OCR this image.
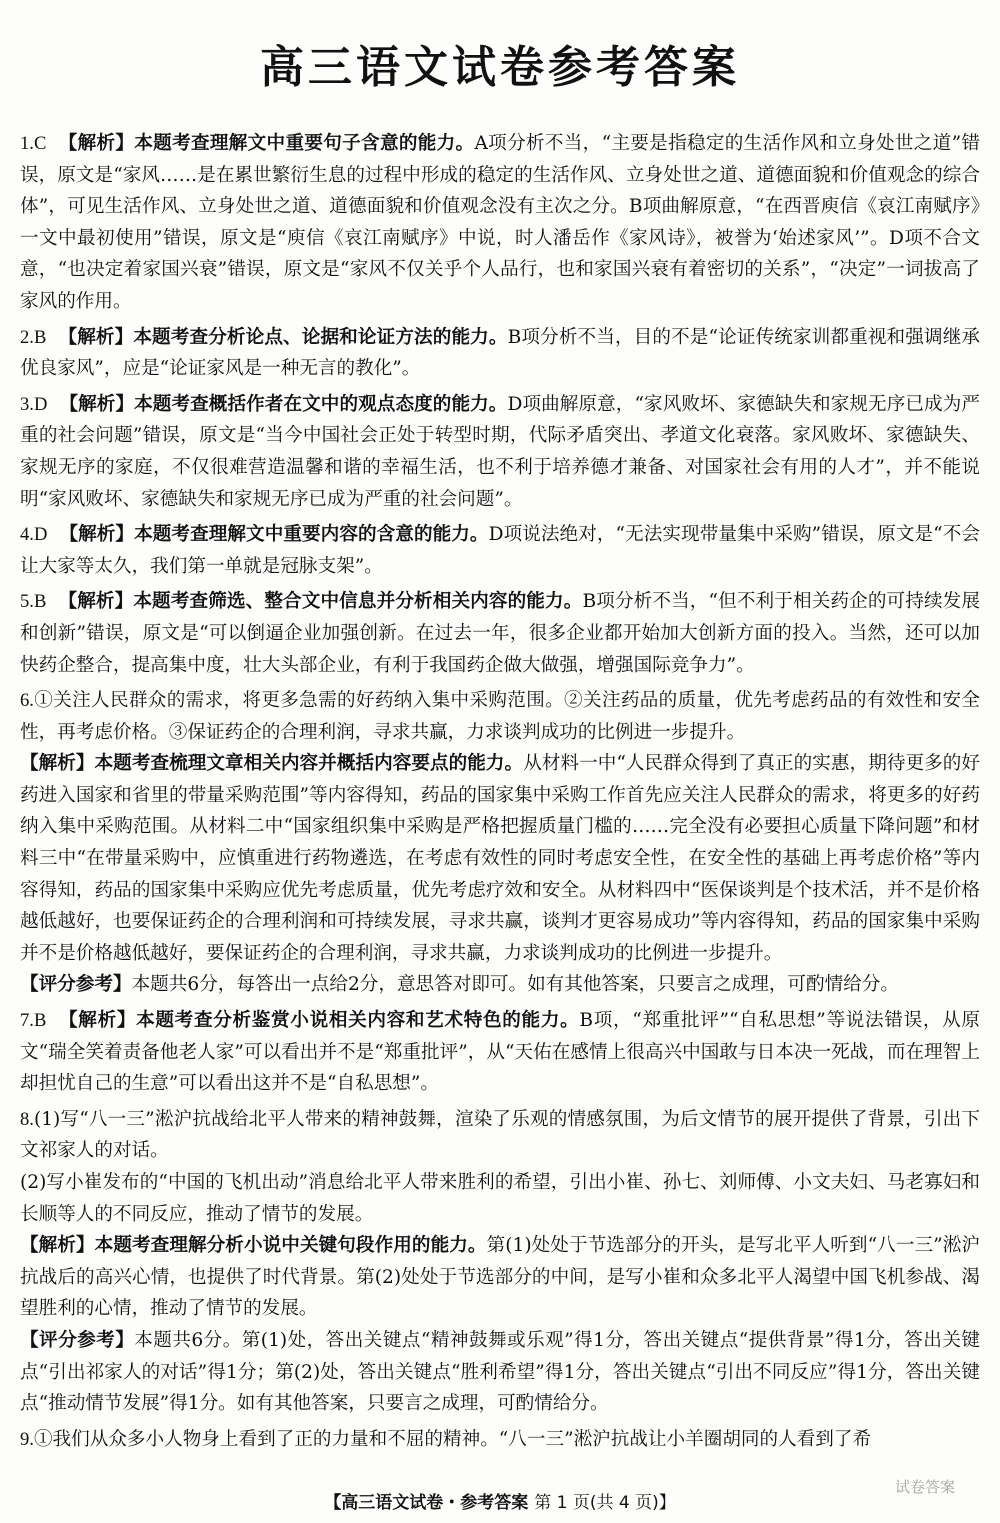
高三语文试卷参考答案
1.C 【解析】本题考查理解文中重要句子含意的能力。A项分析不当，“主要是指稳定的生活作风和立身处世之道”错误，原文是“家风……是在累世繁衍生息的过程中形成的稳定的生活作风、立身处世之道、道德面貌和价值观念的综合体”，可见生活作风、立身处世之道、道德面貌和价值观念没有主次之分。B项曲解原意，“在西晋庾信《哀江南赋序》一文中最初使用”错误，原文是“庾信《哀江南赋序》中说，时人潘岳作《家风诗》，被誉为‘始述家风’”。D项不合文意，“也决定着家国兴衰”错误，原文是“家风不仅关乎个人品行，也和家国兴衰有着密切的关系”，“决定”一词拔高了家风的作用。
2.B 【解析】本题考查分析论点、论据和论证方法的能力。B项分析不当，目的不是“论证传统家训都重视和强调继承优良家风”，应是“论证家风是一种无言的教化”。
3.D 【解析】本题考查概括作者在文中的观点态度的能力。D项曲解原意，“家风败坏、家德缺失和家规无序已成为严重的社会问题”错误，原文是“当今中国社会正处于转型时期，代际矛盾突出、孝道文化衰落。家风败坏、家德缺失、家规无序的家庭，不仅很难营造温馨和谐的幸福生活，也不利于培养德才兼备、对国家社会有用的人才”，并不能说明“家风败坏、家德缺失和家规无序已成为严重的社会问题”。
4.D 【解析】本题考查理解文中重要内容的含意的能力。D项说法绝对，“无法实现带量集中采购”错误，原文是“不会让大家等太久，我们第一单就是冠脉支架”。
5.B 【解析】本题考查筛选、整合文中信息并分析相关内容的能力。B项分析不当，“但不利于相关药企的可持续发展和创新”错误，原文是“可以倒逼企业加强创新。在过去一年，很多企业都开始加大创新方面的投入。当然，还可以加快药企整合，提高集中度，壮大头部企业，有利于我国药企做大做强，增强国际竞争力”。

6.①关注人民群众的需求，将更多急需的好药纳入集中采购范围。②关注药品的质量，优先考虑药品的有效性和安全性，再考虑价格。③保证药企的合理利润，寻求共赢，力求谈判成功的比例进一步提升。

【解析】本题考查梳理文章相关内容并概括内容要点的能力。从材料一中“人民群众得到了真正的实惠，期待更多的好药进入国家和省里的带量采购范围”等内容得知，药品的国家集中采购工作首先应关注人民群众的需求，将更多的好药纳入集中采购范围。从材料二中“国家组织集中采购是严格把握质量门槛的……完全没有必要担心质量下降问题”和材料三中“在带量采购中，应慎重进行药物遴选，在考虑有效性的同时考虑安全性，在安全性的基础上再考虑价格”等内容得知，药品的国家集中采购应优先考虑质量，优先考虑疗效和安全。从材料四中“医保谈判是个技术活，并不是价格越低越好，也要保证药企的合理利润和可持续发展，寻求共赢，谈判才更容易成功”等内容得知，药品的国家集中采购并不是价格越低越好，要保证药企的合理利润，寻求共赢，力求谈判成功的比例进一步提升。

【评分参考】本题共6分，每答出一点给2分，意思答对即可。如有其他答案，只要言之成理，可酌情给分。

7.B 【解析】本题考查分析鉴赏小说相关内容和艺术特色的能力。B项，“郑重批评”“自私思想”等说法错误，从原文“瑞全笑着责备他老人家”可以看出并不是“郑重批评”，从“天佑在感情上很高兴中国敢与日本决一死战，而在理智上却担忧自己的生意”可以看出这并不是“自私思想”。

8.(1)写“八一三”淞沪抗战给北平人带来的精神鼓舞，渲染了乐观的情感氛围，为后文情节的展开提供了背景，引出下文祁家人的对话。

(2)写小崔发布的“中国的飞机出动”消息给北平人带来胜利的希望，引出小崔、孙七、刘师傅、小文夫妇、马老寡妇和长顺等人的不同反应，推动了情节的发展。

【解析】本题考查理解分析小说中关键句段作用的能力。第(1)处处于节选部分的开头，是写北平人听到“八一三”淞沪抗战后的高兴心情，也提供了时代背景。第(2)处处于节选部分的中间，是写小崔和众多北平人渴望中国飞机参战、渴望胜利的心情，推动了情节的发展。

【评分参考】本题共6分。第(1)处，答出关键点“精神鼓舞或乐观”得1分，答出关键点“提供背景”得1分，答出关键点“引出祁家人的对话”得1分；第(2)处，答出关键点“胜利希望”得1分，答出关键点“引出不同反应”得1分，答出关键点“推动情节发展”得1分。如有其他答案，只要言之成理，可酌情给分。

9.①我们从众多小人物身上看到了正的力量和不屈的精神。“八一三”淞沪抗战让小羊圈胡同的人看到了希
【高三语文试卷・参考答案 第 1 页(共 4 页)】
试卷答案
